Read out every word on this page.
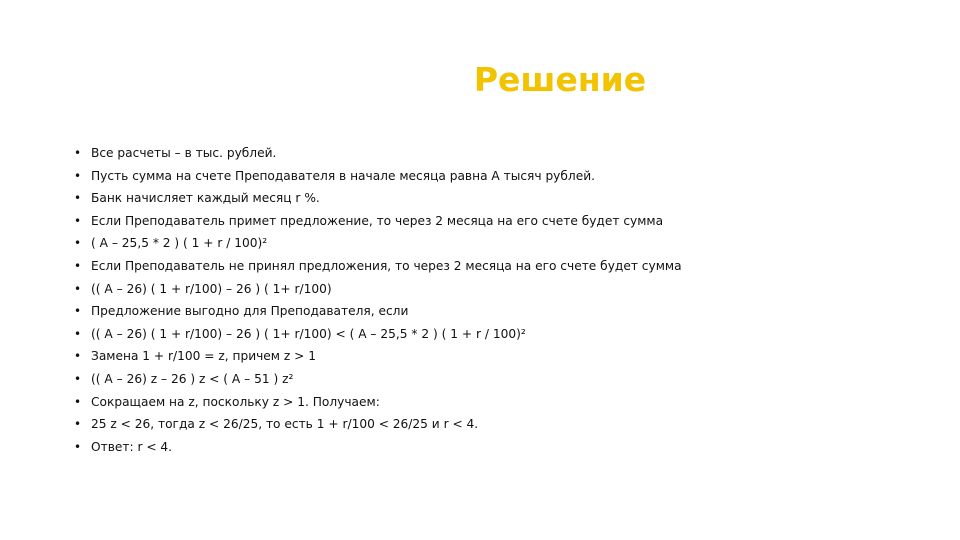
Решение
• Все расчеты – в тыс. рублей.
• Пусть сумма на счете Преподавателя в начале месяца равна А тысяч рублей.
• Банк начисляет каждый месяц r %.
• Если Преподаватель примет предложение, то через 2 месяца на его счете будет сумма
• ( А – 25,5 * 2 ) ( 1 + r / 100)²
• Если Преподаватель не принял предложения, то через 2 месяца на его счете будет сумма
• (( А – 26) ( 1 + r/100) – 26 ) ( 1+ r/100)
• Предложение выгодно для Преподавателя, если
• (( А – 26) ( 1 + r/100) – 26 ) ( 1+ r/100) < ( А – 25,5 * 2 ) ( 1 + r / 100)²
• Замена 1 + r/100 = z, причем z > 1
• (( А – 26) z – 26 ) z < ( А – 51 ) z²
• Сокращаем на z, поскольку z > 1. Получаем:
• 25 z < 26, тогда z < 26/25, то есть 1 + r/100 < 26/25 и r < 4.
• Ответ: r < 4.
